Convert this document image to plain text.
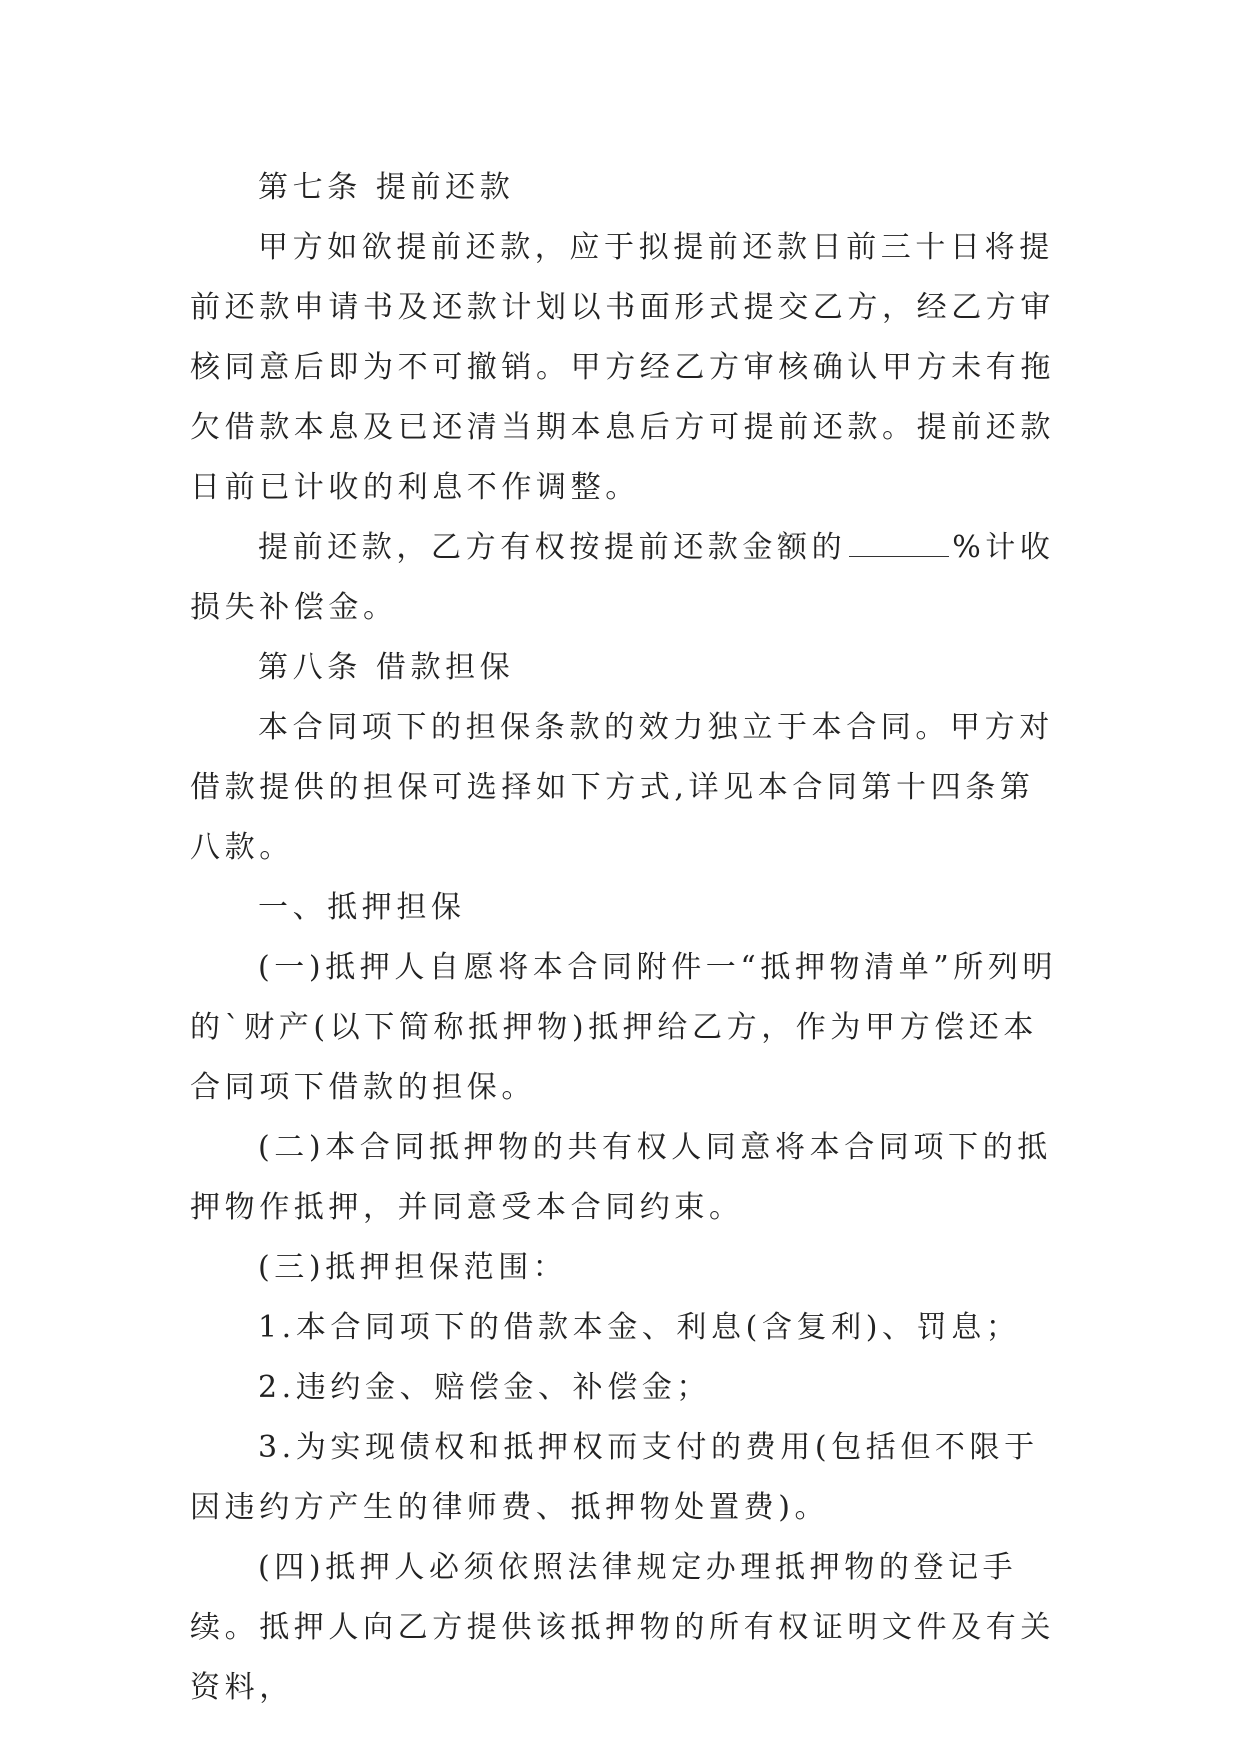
第七条 提前还款

甲方如欲提前还款，应于拟提前还款日前三十日将提前还款申请书及还款计划以书面形式提交乙方，经乙方审核同意后即为不可撤销。甲方经乙方审核确认甲方未有拖欠借款本息及已还清当期本息后方可提前还款。提前还款日前已计收的利息不作调整。

提前还款，乙方有权按提前还款金额的	%计收损失补偿金。

第八条 借款担保

本合同项下的担保条款的效力独立于本合同。甲方对借款提供的担保可选择如下方式,详见本合同第十四条第八款。

一、抵押担保

(一)抵押人自愿将本合同附件一“抵押物清单”所列明的`财产(以下简称抵押物)抵押给乙方，作为甲方偿还本合同项下借款的担保。

(二)本合同抵押物的共有权人同意将本合同项下的抵押物作抵押，并同意受本合同约束。

(三)抵押担保范围：

1.本合同项下的借款本金、利息(含复利)、罚息；

2.违约金、赔偿金、补偿金；

3.为实现债权和抵押权而支付的费用(包括但不限于因违约方产生的律师费、抵押物处置费)。

(四)抵押人必须依照法律规定办理抵押物的登记手续。抵押人向乙方提供该抵押物的所有权证明文件及有关资料，
